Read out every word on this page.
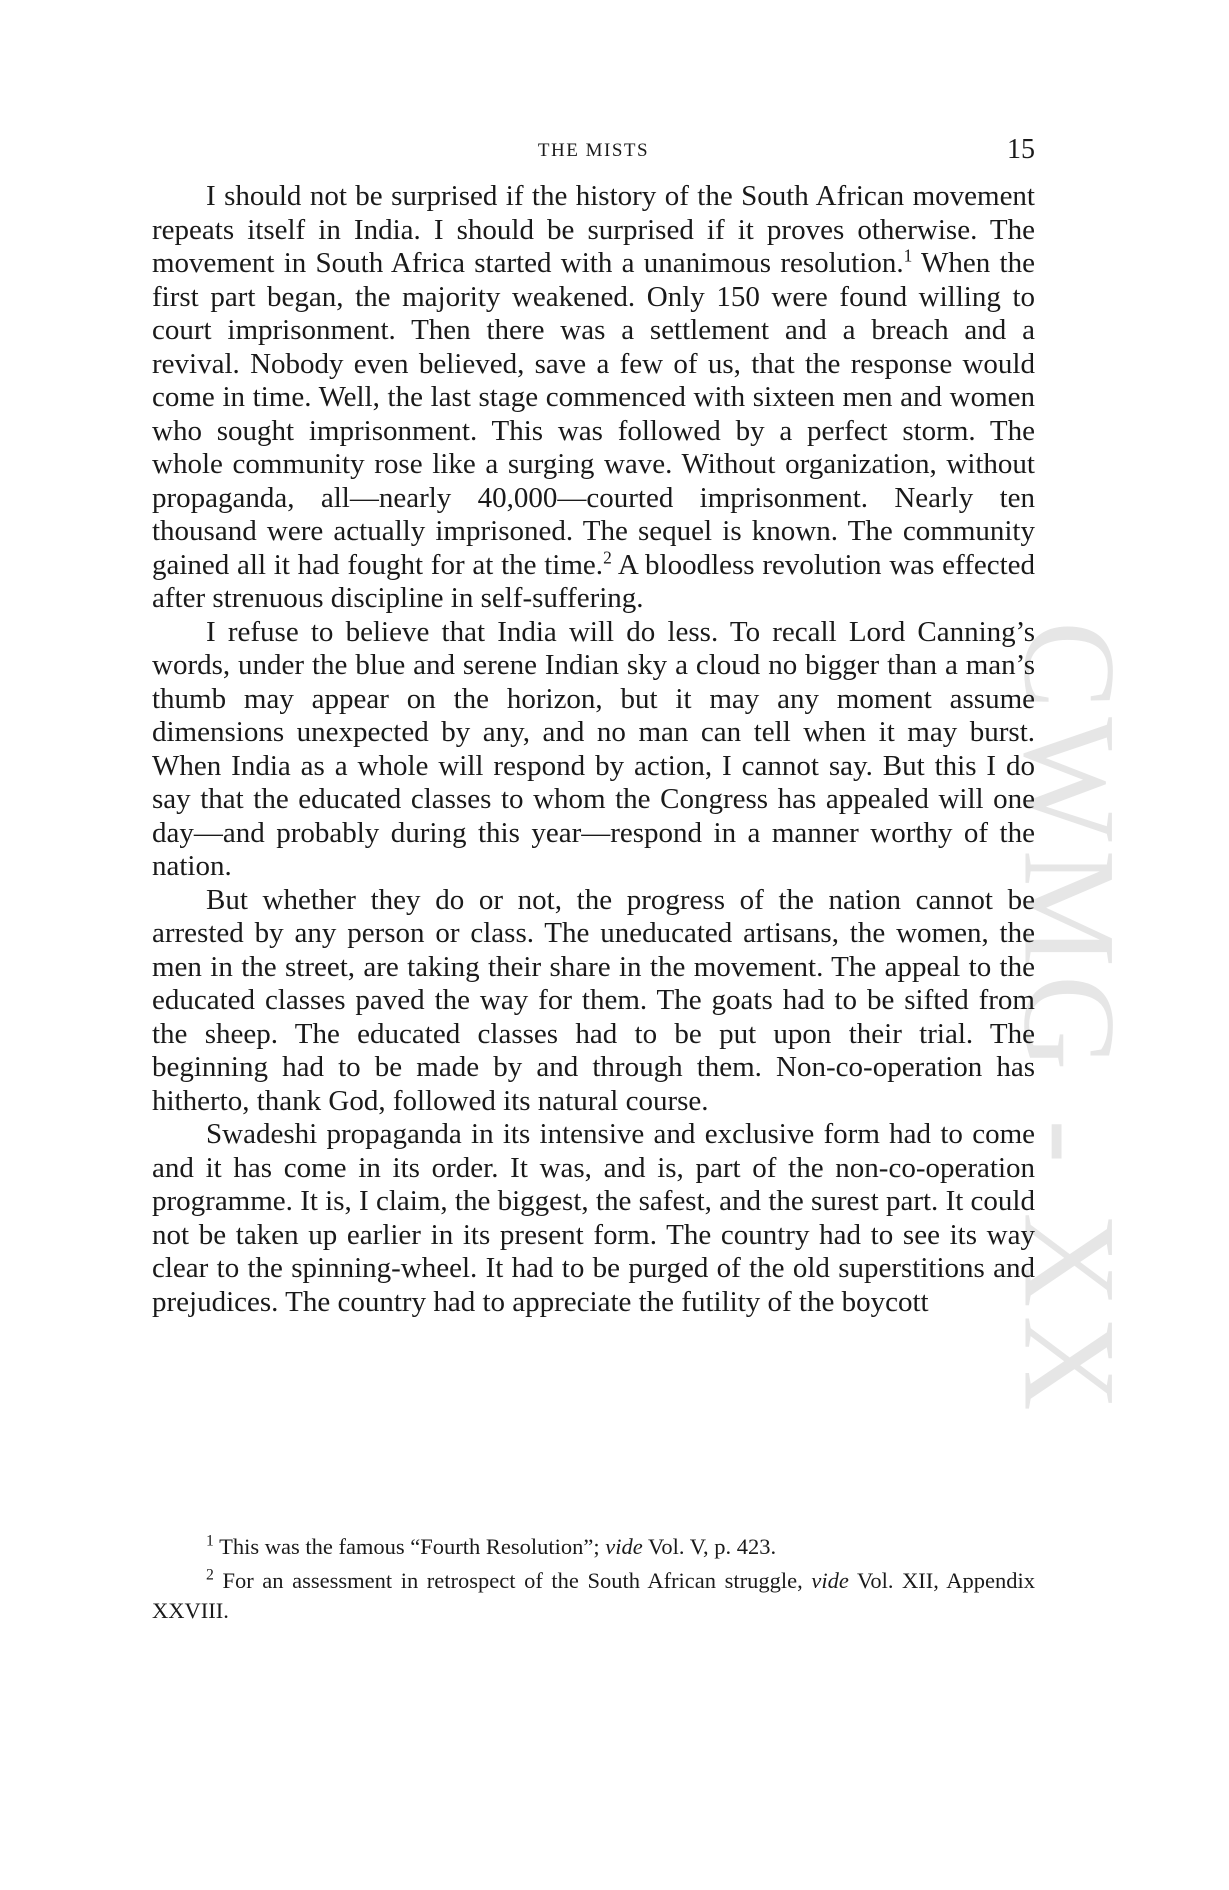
THE MISTS	15
CWMG - XX

I should not be surprised if the history of the South African movement repeats itself in India. I should be surprised if it proves otherwise. The movement in South Africa started with a unanimous resolution.$^1$ When the first part began, the majority weakened. Only 150 were found willing to court imprisonment. Then there was a settlement and a breach and a revival. Nobody even believed, save a few of us, that the response would come in time. Well, the last stage commenced with sixteen men and women who sought imprisonment. This was followed by a perfect storm. The whole community rose like a surging wave. Without organization, without propaganda, all—nearly 40,000—courted imprisonment. Nearly ten thousand were actually imprisoned. The sequel is known. The community gained all it had fought for at the time.$^2$ A bloodless revolution was effected after strenuous discipline in self-suffering.

I refuse to believe that India will do less. To recall Lord Canning’s words, under the blue and serene Indian sky a cloud no bigger than a man’s thumb may appear on the horizon, but it may any moment assume dimensions unexpected by any, and no man can tell when it may burst. When India as a whole will respond by action, I cannot say. But this I do say that the educated classes to whom the Congress has appealed will one day—and probably during this year—respond in a manner worthy of the nation.

But whether they do or not, the progress of the nation cannot be arrested by any person or class. The uneducated artisans, the women, the men in the street, are taking their share in the movement. The appeal to the educated classes paved the way for them. The goats had to be sifted from the sheep. The educated classes had to be put upon their trial. The beginning had to be made by and through them. Non-co-operation has hitherto, thank God, followed its natural course.

Swadeshi propaganda in its intensive and exclusive form had to come and it has come in its order. It was, and is, part of the non-co-operation programme. It is, I claim, the biggest, the safest, and the surest part. It could not be taken up earlier in its present form. The country had to see its way clear to the spinning-wheel. It had to be purged of the old superstitions and prejudices. The country had to appreciate the futility of the boycott

$^1$ This was the famous “Fourth Resolution”; vide Vol. V, p. 423.

$^2$ For an assessment in retrospect of the South African struggle, vide Vol. XII, Appendix XXVIII.
